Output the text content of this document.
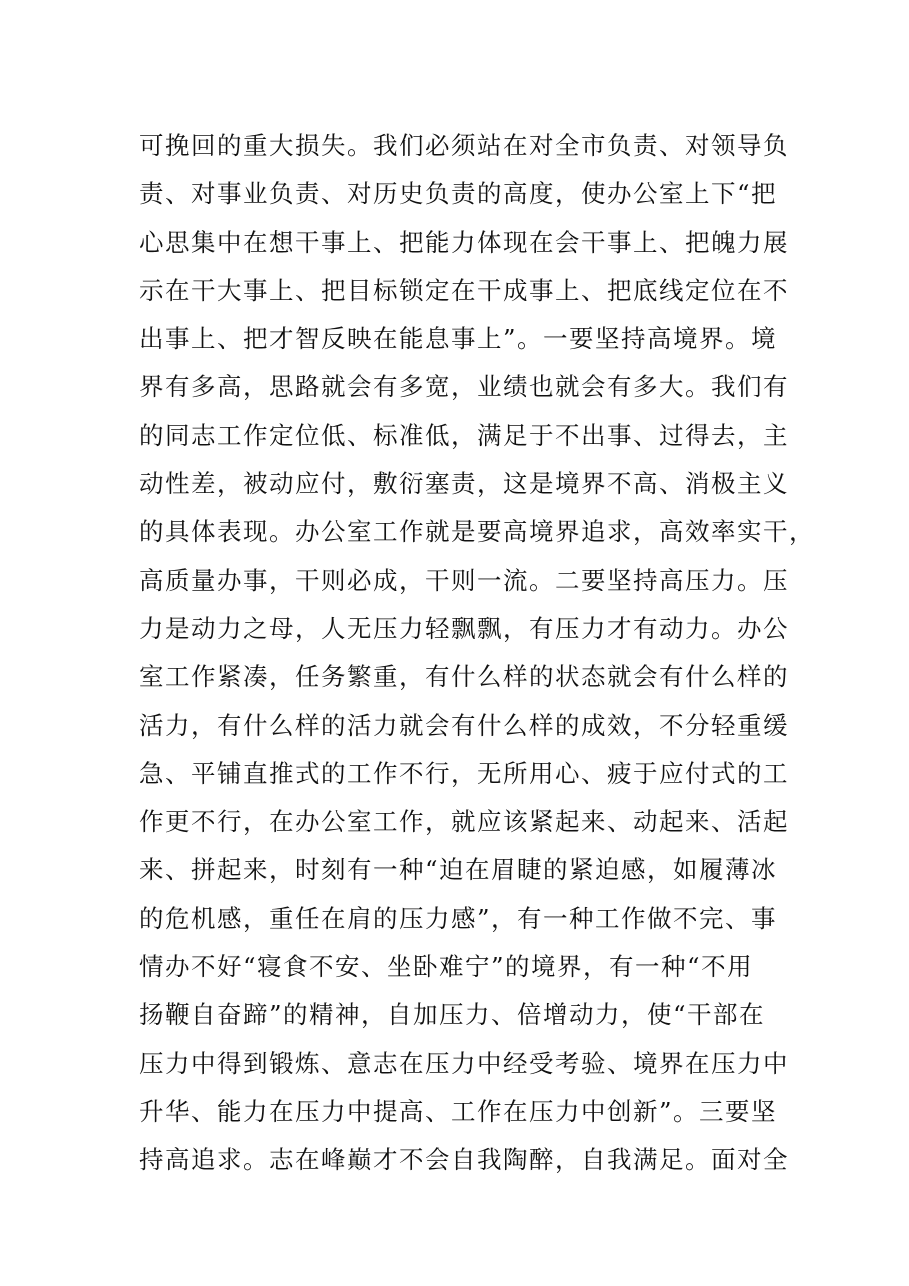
可挽回的重大损失。我们必须站在对全市负责、对领导负
责、对事业负责、对历史负责的高度，使办公室上下“把
心思集中在想干事上、把能力体现在会干事上、把魄力展
示在干大事上、把目标锁定在干成事上、把底线定位在不
出事上、把才智反映在能息事上”。一要坚持高境界。境
界有多高，思路就会有多宽，业绩也就会有多大。我们有
的同志工作定位低、标准低，满足于不出事、过得去，主
动性差，被动应付，敷衍塞责，这是境界不高、消极主义
的具体表现。办公室工作就是要高境界追求，高效率实干，
高质量办事，干则必成，干则一流。二要坚持高压力。压
力是动力之母，人无压力轻飘飘，有压力才有动力。办公
室工作紧凑，任务繁重，有什么样的状态就会有什么样的
活力，有什么样的活力就会有什么样的成效，不分轻重缓
急、平铺直推式的工作不行，无所用心、疲于应付式的工
作更不行，在办公室工作，就应该紧起来、动起来、活起
来、拼起来，时刻有一种“迫在眉睫的紧迫感，如履薄冰
的危机感，重任在肩的压力感”，有一种工作做不完、事
情办不好“寝食不安、坐卧难宁”的境界，有一种“不用
扬鞭自奋蹄”的精神，自加压力、倍增动力，使“干部在
压力中得到锻炼、意志在压力中经受考验、境界在压力中
升华、能力在压力中提高、工作在压力中创新”。三要坚
持高追求。志在峰巅才不会自我陶醉，自我满足。面对全
